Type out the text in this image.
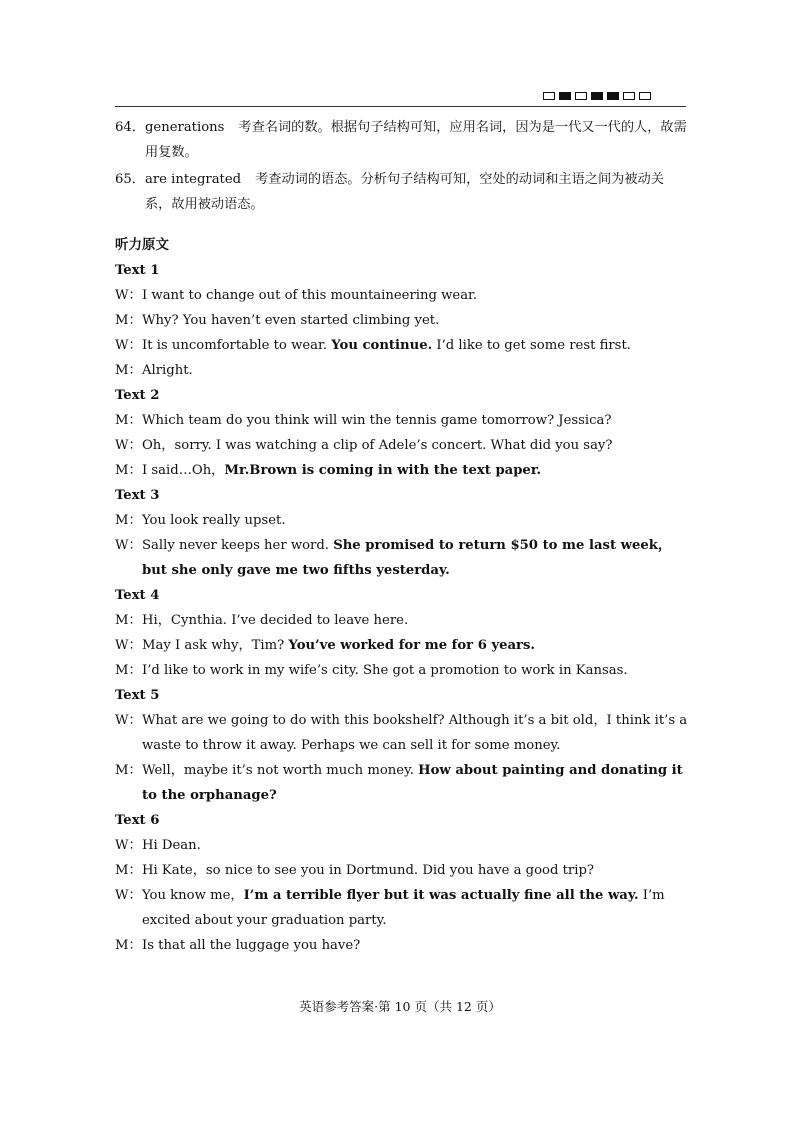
64． generations 考查名词的数。根据句子结构可知，应用名词，因为是一代又一代的人，故需用复数。
65． are integrated 考查动词的语态。分析句子结构可知，空处的动词和主语之间为被动关系，故用被动语态。
听力原文
Text 1
W： I want to change out of this mountaineering wear.
M： Why? You haven’t even started climbing yet.
W： It is uncomfortable to wear. You continue. I’d like to get some rest first.
M： Alright.
Text 2
M： Which team do you think will win the tennis game tomorrow? Jessica?
W： Oh，sorry. I was watching a clip of Adele’s concert. What did you say?
M： I said…Oh，Mr.Brown is coming in with the text paper.
Text 3
M： You look really upset.
W： Sally never keeps her word. She promised to return $50 to me last week，but she only gave me two fifths yesterday.
Text 4
M： Hi，Cynthia. I’ve decided to leave here.
W： May I ask why，Tim? You’ve worked for me for 6 years.
M： I’d like to work in my wife’s city. She got a promotion to work in Kansas.
Text 5
W： What are we going to do with this bookshelf? Although it’s a bit old，I think it’s a waste to throw it away. Perhaps we can sell it for some money.
M： Well，maybe it’s not worth much money. How about painting and donating it to the orphanage?
Text 6
W： Hi Dean.
M： Hi Kate，so nice to see you in Dortmund. Did you have a good trip?
W： You know me，I’m a terrible flyer but it was actually fine all the way. I’m excited about your graduation party.
M： Is that all the luggage you have?
英语参考答案·第 10 页（共 12 页）
